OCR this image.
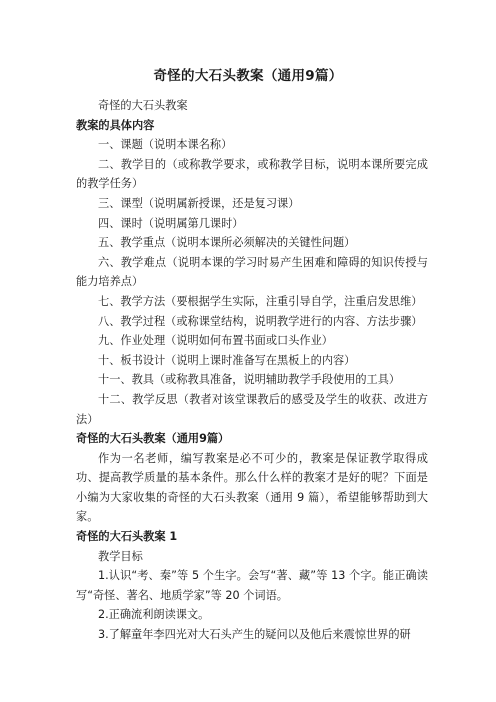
奇怪的大石头教案（通用9篇）

奇怪的大石头教案

教案的具体内容

一、课题（说明本课名称）

二、教学目的（或称教学要求，或称教学目标，说明本课所要完成的教学任务）

三、课型（说明属新授课，还是复习课）

四、课时（说明属第几课时）

五、教学重点（说明本课所必须解决的关键性问题）

六、教学难点（说明本课的学习时易产生困难和障碍的知识传授与能力培养点）

七、教学方法（要根据学生实际，注重引导自学，注重启发思维）

八、教学过程（或称课堂结构，说明教学进行的内容、方法步骤）

九、作业处理（说明如何布置书面或口头作业）

十、板书设计（说明上课时准备写在黑板上的内容）

十一、教具（或称教具准备，说明辅助教学手段使用的工具）

十二、教学反思（教者对该堂课教后的感受及学生的收获、改进方法）

奇怪的大石头教案（通用9篇）

作为一名老师，编写教案是必不可少的，教案是保证教学取得成功、提高教学质量的基本条件。那么什么样的教案才是好的呢？下面是小编为大家收集的奇怪的大石头教案（通用 9 篇），希望能够帮助到大家。

奇怪的大石头教案 1

教学目标

1.认识“考、秦”等 5 个生字。会写“著、藏”等 13 个字。能正确读写“奇怪、著名、地质学家”等 20 个词语。

2.正确流利朗读课文。

3.了解童年李四光对大石头产生的疑问以及他后来震惊世界的研
